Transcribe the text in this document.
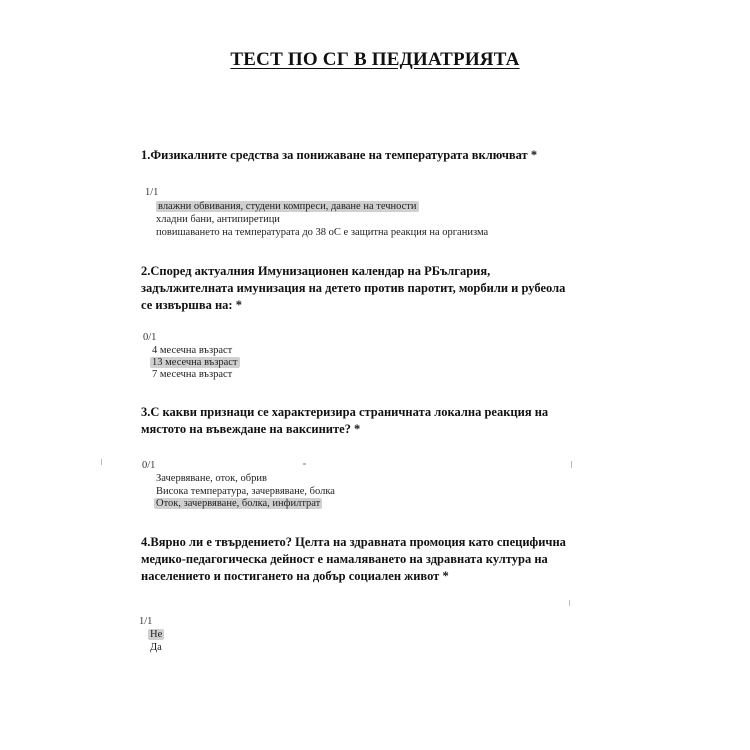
ТЕСТ ПО СГ В ПЕДИАТРИЯТА
1.Физикалните средства за понижаване на температурата включват *
1/1
влажни обвивания, студени компреси, даване на течности
хладни бани, антипиретици
повишаването на температурата до 38 оС е защитна реакция на организма
2.Според актуалния Имунизационен календар на РБългария, задължителната имунизация на детето против паротит, морбили и рубеола се извършва на: *
0/1
4 месечна възраст
13 месечна възраст
7 месечна възраст
3.С какви признаци се характеризира страничната локална реакция на мястото на въвеждане на ваксините? *
0/1
Зачервяване, оток, обрив
Висока температура, зачервяване, болка
Оток, зачервяване, болка, инфилтрат
4.Вярно ли е твърдението? Целта на здравната промоция като специфична медико-педагогическа дейност е намаляването на здравната култура на населението и постигането на добър социален живот *
1/1
Не
Да
